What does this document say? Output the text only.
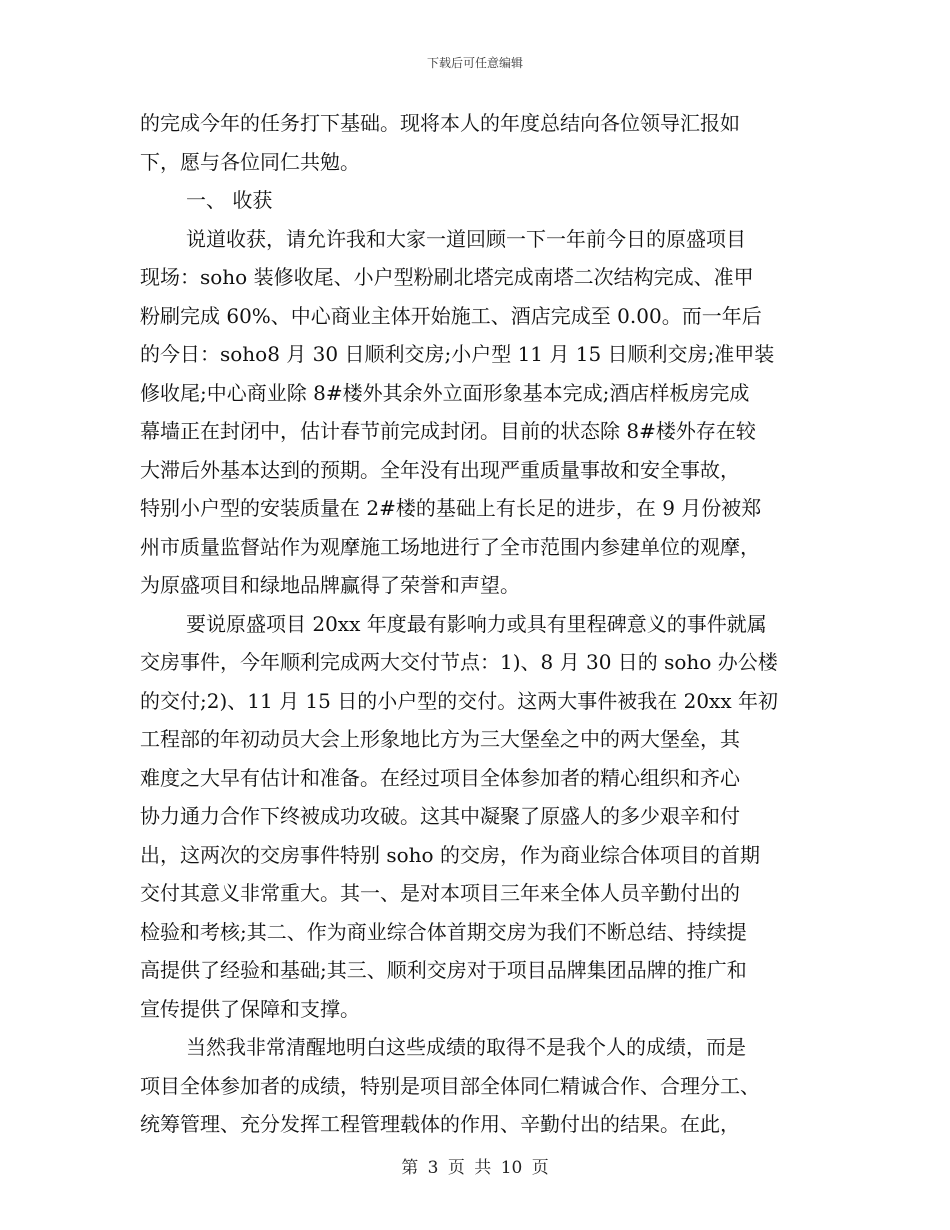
下载后可任意编辑
的完成今年的任务打下基础。现将本人的年度总结向各位领导汇报如
下，愿与各位同仁共勉。
一、 收获
说道收获，请允许我和大家一道回顾一下一年前今日的原盛项目
现场：soho 装修收尾、小户型粉刷北塔完成南塔二次结构完成、准甲
粉刷完成 60%、中心商业主体开始施工、酒店完成至 0.00。而一年后
的今日：soho8 月 30 日顺利交房;小户型 11 月 15 日顺利交房;准甲装
修收尾;中心商业除 8#楼外其余外立面形象基本完成;酒店样板房完成
幕墙正在封闭中，估计春节前完成封闭。目前的状态除 8#楼外存在较
大滞后外基本达到的预期。全年没有出现严重质量事故和安全事故，
特别小户型的安装质量在 2#楼的基础上有长足的进步，在 9 月份被郑
州市质量监督站作为观摩施工场地进行了全市范围内参建单位的观摩，
为原盛项目和绿地品牌赢得了荣誉和声望。
要说原盛项目 20xx 年度最有影响力或具有里程碑意义的事件就属
交房事件，今年顺利完成两大交付节点：1)、8 月 30 日的 soho 办公楼
的交付;2)、11 月 15 日的小户型的交付。这两大事件被我在 20xx 年初
工程部的年初动员大会上形象地比方为三大堡垒之中的两大堡垒，其
难度之大早有估计和准备。在经过项目全体参加者的精心组织和齐心
协力通力合作下终被成功攻破。这其中凝聚了原盛人的多少艰辛和付
出，这两次的交房事件特别 soho 的交房，作为商业综合体项目的首期
交付其意义非常重大。其一、是对本项目三年来全体人员辛勤付出的
检验和考核;其二、作为商业综合体首期交房为我们不断总结、持续提
高提供了经验和基础;其三、顺利交房对于项目品牌集团品牌的推广和
宣传提供了保障和支撑。
当然我非常清醒地明白这些成绩的取得不是我个人的成绩，而是
项目全体参加者的成绩，特别是项目部全体同仁精诚合作、合理分工、
统筹管理、充分发挥工程管理载体的作用、辛勤付出的结果。在此，
第 3 页 共 10 页
